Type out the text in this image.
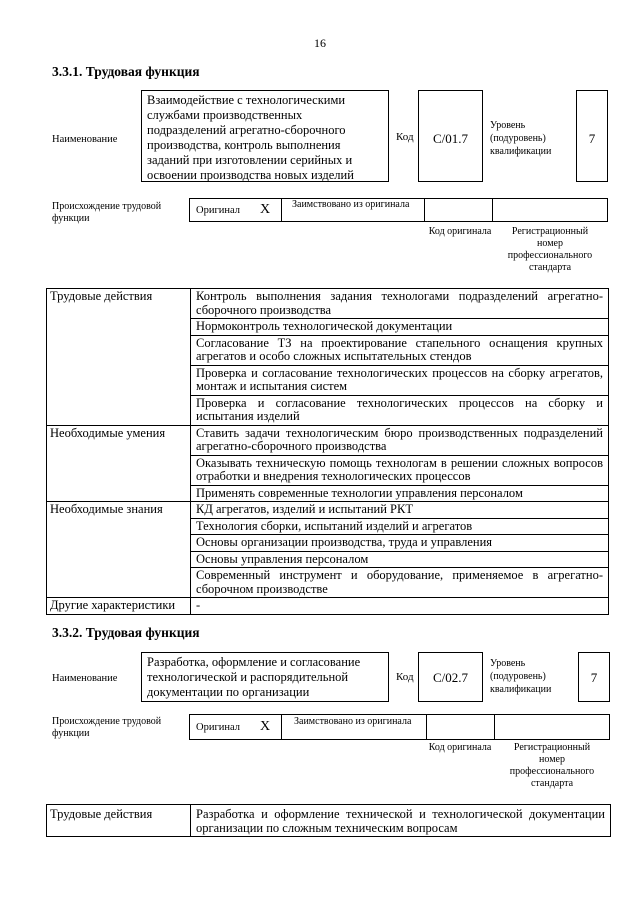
16
3.3.1. Трудовая функция
Наименование
Взаимодействие с технологическими службами производственных подразделений агрегатно-сборочного производства, контроль выполнения заданий при изготовлении серийных и освоении производства новых изделий
Код	С/01.7
Уровень (подуровень) квалификации
7
Происхождение трудовой функции
Оригинал Х Заимствовано из оригинала
Код оригинала	Регистрационный номер профессионального стандарта
Трудовые действия	Контроль выполнения задания технологами подразделений агрегатно-сборочного производства
	Нормоконтроль технологической документации
	Согласование ТЗ на проектирование стапельного оснащения крупных агрегатов и особо сложных испытательных стендов
	Проверка и согласование технологических процессов на сборку агрегатов, монтаж и испытания систем
	Проверка и согласование технологических процессов на сборку и испытания изделий
Необходимые умения	Ставить задачи технологическим бюро производственных подразделений агрегатно-сборочного производства
	Оказывать техническую помощь технологам в решении сложных вопросов отработки и внедрения технологических процессов
	Применять современные технологии управления персоналом
Необходимые знания	КД агрегатов, изделий и испытаний РКТ
	Технология сборки, испытаний изделий и агрегатов
	Основы организации производства, труда и управления
	Основы управления персоналом
	Современный инструмент и оборудование, применяемое в агрегатно-сборочном производстве
Другие характеристики	-
3.3.2. Трудовая функция
Наименование
Разработка, оформление и согласование технологической и распорядительной документации по организации
Код	С/02.7
Уровень (подуровень) квалификации
7
Происхождение трудовой функции
Оригинал Х Заимствовано из оригинала
Код оригинала	Регистрационный номер профессионального стандарта
Трудовые действия	Разработка и оформление технической и технологической документации организации по сложным техническим вопросам
